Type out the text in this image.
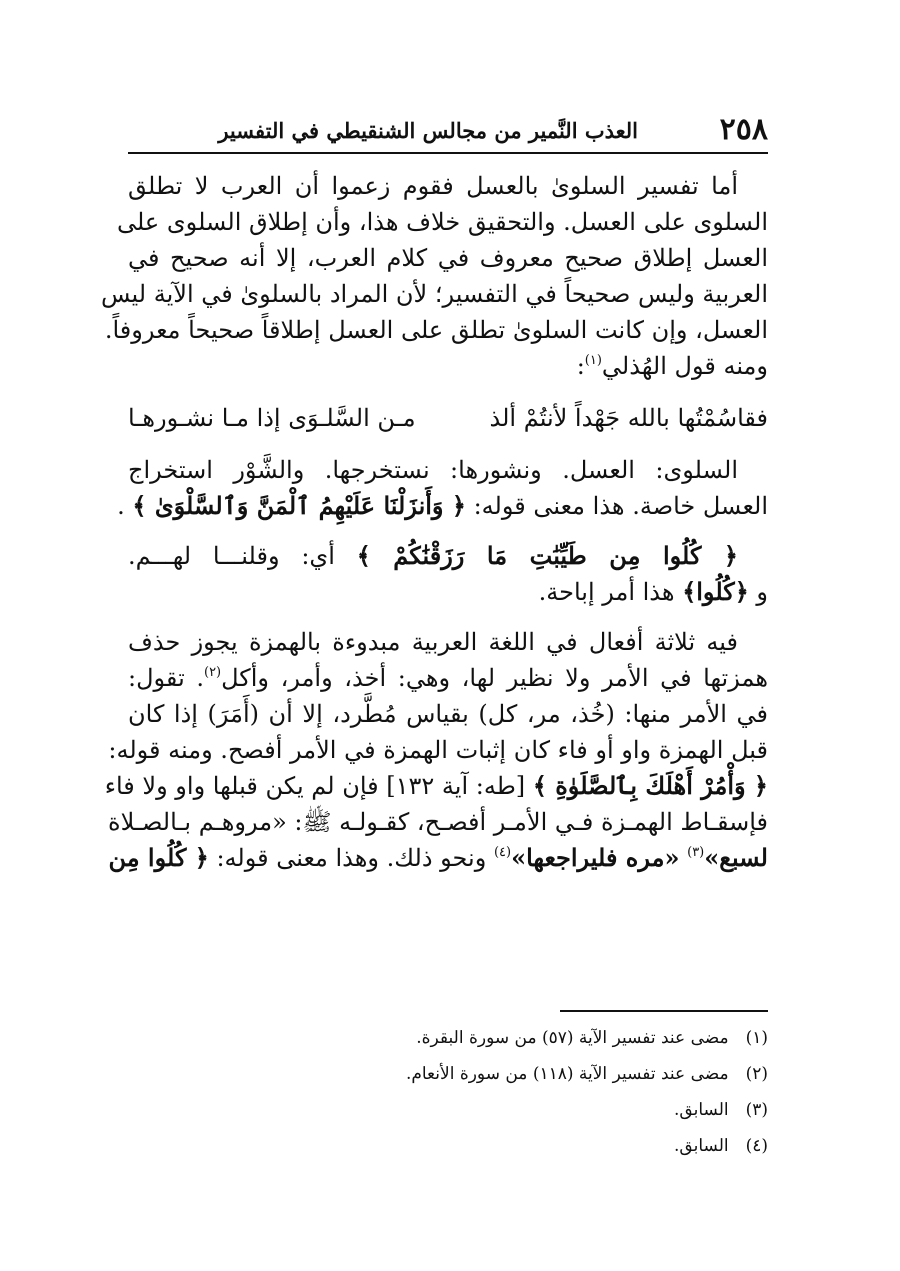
العذب النَّمير من مجالس الشنقيطي في التفسير	٢٥٨
أما تفسير السلوىٰ بالعسل فقوم زعموا أن العرب لا تطلق
السلوى على العسل. والتحقيق خلاف هذا، وأن إطلاق السلوى على
العسل إطلاق صحيح معروف في كلام العرب، إلا أنه صحيح في
العربية وليس صحيحاً في التفسير؛ لأن المراد بالسلوىٰ في الآية ليس
العسل، وإن كانت السلوىٰ تطلق على العسل إطلاقاً صحيحاً معروفاً.
ومنه قول الهُذلي$^{(١)}$:
فقاسُمْتُها بالله جَهْداً لأنتُمْ ألذ
مـن السَّلـوَى إذا مـا نشـورهـا
السلوى: العسل. ونشورها: نستخرجها. والشَّوْر استخراج
العسل خاصة. هذا معنى قوله: ﴿ وَأَنزَلْنَا عَلَيْهِمُ ٱلْمَنَّ وَٱلسَّلْوَىٰ ﴾ .
﴿ كُلُوا مِن طَيِّبَٰتِ مَا رَزَقْنَٰكُمْ ﴾ أي: وقلنـــا لهـــم.
و ﴿كُلُوا﴾ هذا أمر إباحة.
فيه ثلاثة أفعال في اللغة العربية مبدوءة بالهمزة يجوز حذف
همزتها في الأمر ولا نظير لها، وهي: أخذ، وأمر، وأكل$^{(٢)}$. تقول:
في الأمر منها: (خُذ، مر، كل) بقياس مُطَّرد، إلا أن (أَمَرَ) إذا كان
قبل الهمزة واو أو فاء كان إثبات الهمزة في الأمر أفصح. ومنه قوله:
﴿ وَأْمُرْ أَهْلَكَ بِٱلصَّلَوٰةِ ﴾ [طه: آية ١٣٢] فإن لم يكن قبلها واو ولا فاء
فإسقـاط الهمـزة فـي الأمـر أفصـح، كقـولـه ﷺ: «مروهـم بـالصـلاة
لسبع»$^{(٣)}$ «مره فليراجعها»$^{(٤)}$ ونحو ذلك. وهذا معنى قوله: ﴿ كُلُوا مِن
(١) مضى عند تفسير الآية (٥٧) من سورة البقرة.
(٢) مضى عند تفسير الآية (١١٨) من سورة الأنعام.
(٣) السابق.
(٤) السابق.
